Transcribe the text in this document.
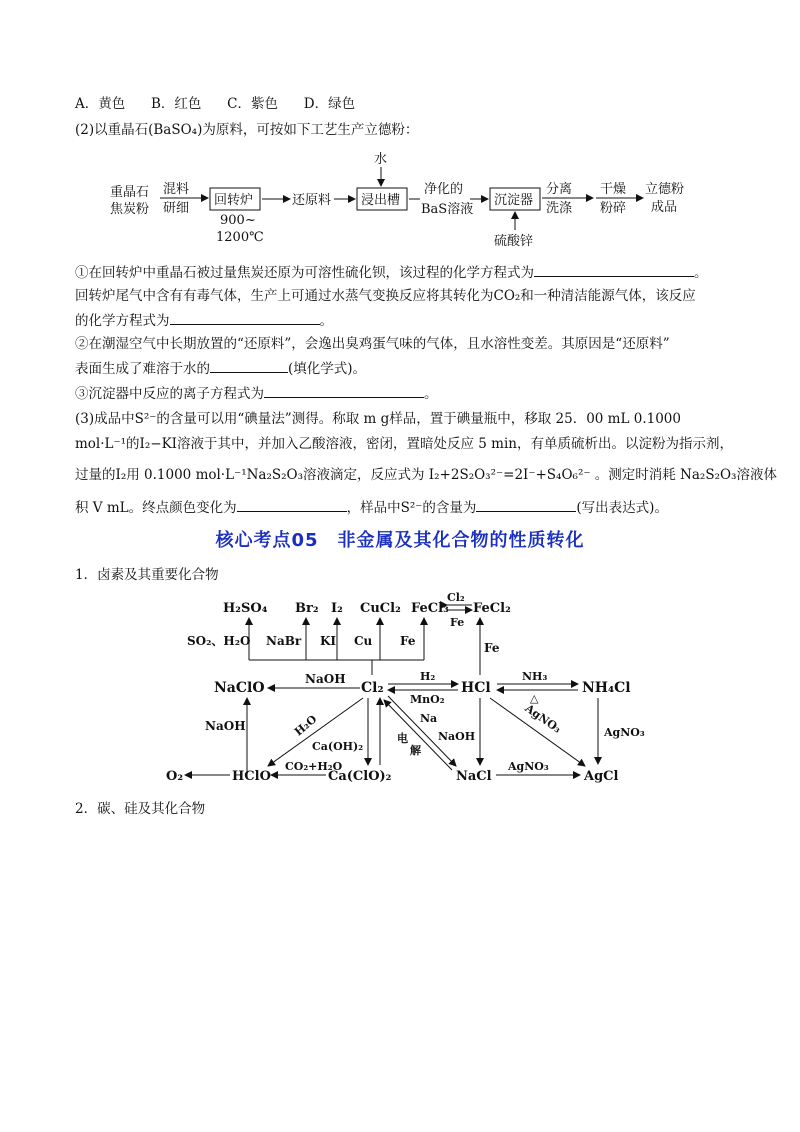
A．黄色 B．红色 C．紫色 D．绿色
(2)以重晶石(BaSO₄)为原料，可按如下工艺生产立德粉：
重晶石
焦炭粉
混料
研细
回转炉
900~
1200℃
还原料
水
浸出槽
净化的
BaS溶液
沉淀器
硫酸锌
分离
洗涤
干燥
粉碎
立德粉
成品
①在回转炉中重晶石被过量焦炭还原为可溶性硫化钡，该过程的化学方程式为	。
回转炉尾气中含有有毒气体，生产上可通过水蒸气变换反应将其转化为CO₂和一种清洁能源气体，该反应
的化学方程式为	。
②在潮湿空气中长期放置的“还原料”，会逸出臭鸡蛋气味的气体，且水溶性变差。其原因是“还原料”
表面生成了难溶于水的	(填化学式)。
③沉淀器中反应的离子方程式为	。
(3)成品中S²⁻的含量可以用“碘量法”测得。称取 m g样品，置于碘量瓶中，移取 25．00 mL 0.1000
mol·L⁻¹的I₂−KI溶液于其中，并加入乙酸溶液，密闭，置暗处反应 5 min，有单质硫析出。以淀粉为指示剂，
过量的I₂用 0.1000 mol·L⁻¹Na₂S₂O₃溶液滴定，反应式为 I₂+2S₂O₃²⁻=2I⁻+S₄O₆²⁻ 。测定时消耗 Na₂S₂O₃溶液体
积 V mL。终点颜色变化为	，样品中S²⁻的含量为	(写出表达式)。
核心考点05　非金属及其化合物的性质转化
1．卤素及其重要化合物
H₂SO₄ Br₂ I₂ CuCl₂ FeCl₃ FeCl₂
Cl₂
Fe
SO₂、H₂O NaBr KI Cu Fe	Fe
NaClO
NaOH
Cl₂
H₂
MnO₂
HCl
NH₃
△
NH₄Cl
NaOH	H₂O
Ca(OH)₂
电
解
Na
NaOH
AgNO₃	AgNO₃
O₂	HClO
CO₂+H₂O
Ca(ClO)₂	NaCl
AgNO₃
AgCl
2．碳、硅及其化合物
